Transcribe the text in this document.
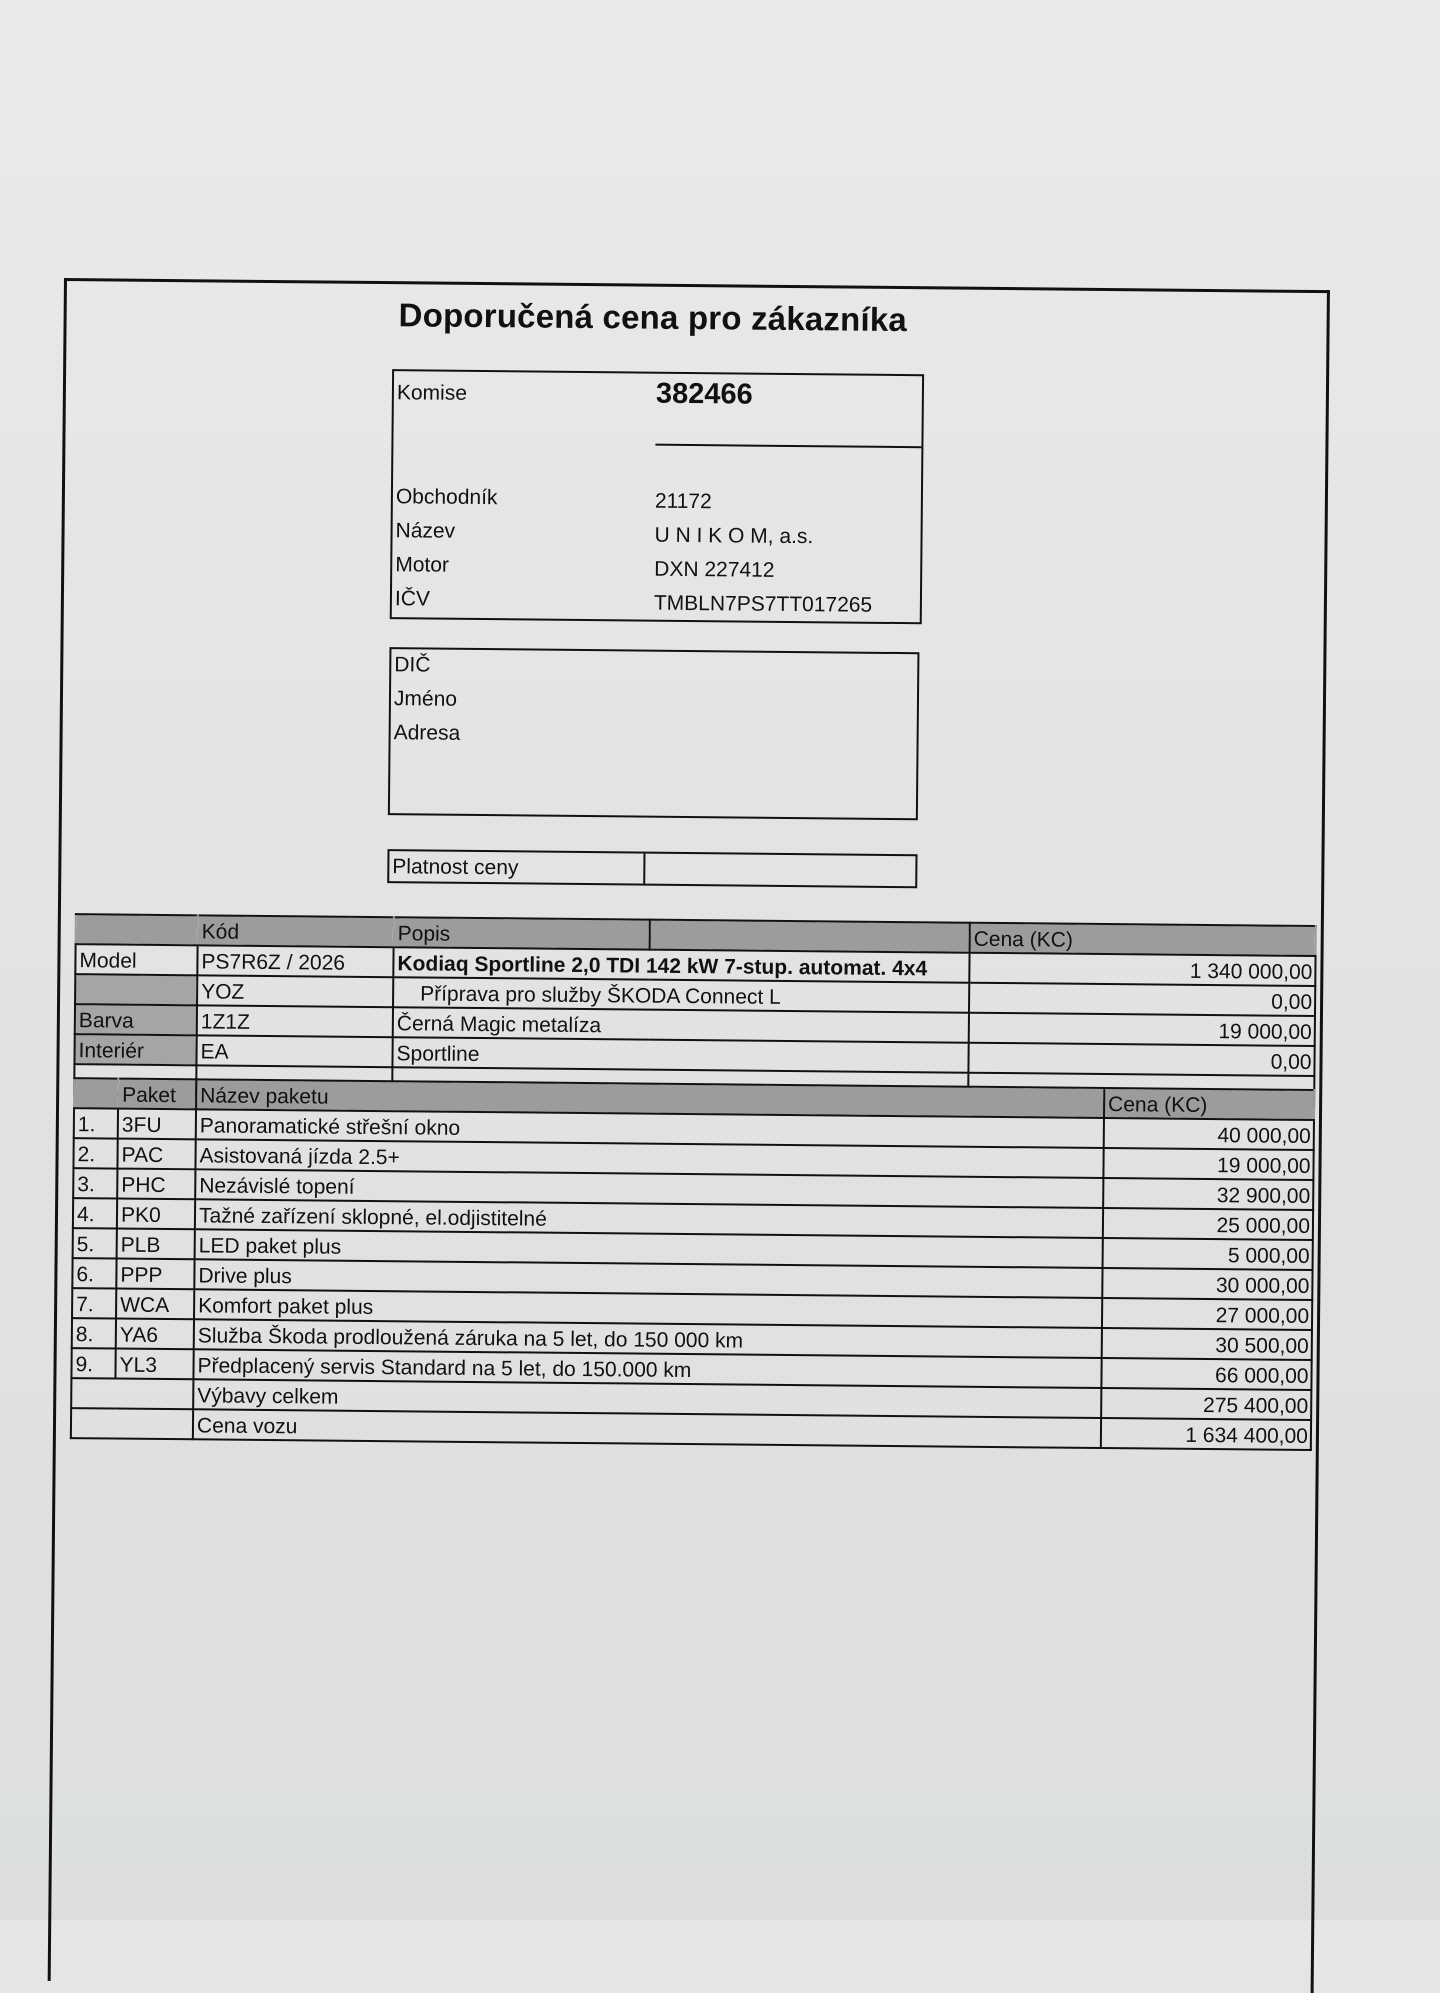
Doporučená cena pro zákazníka
Komise	382466
Obchodník	21172
Název	U N I K O M, a.s.
Motor	DXN 227412
IČV	TMBLN7PS7TT017265
DIČ
Jméno
Adresa
Platnost ceny
	Kód	Popis		Cena (KC)
Model	PS7R6Z / 2026	Kodiaq Sportline 2,0 TDI 142 kW 7-stup. automat. 4x4		1 340 000,00
	YOZ	Příprava pro služby ŠKODA Connect L		0,00
Barva	1Z1Z	Černá Magic metalíza		19 000,00
Interiér	EA	Sportline		0,00

	Paket	Název paketu	Cena (KC)
1.	3FU	Panoramatické střešní okno	40 000,00
2.	PAC	Asistovaná jízda 2.5+	19 000,00
3.	PHC	Nezávislé topení	32 900,00
4.	PK0	Tažné zařízení sklopné, el.odjistitelné	25 000,00
5.	PLB	LED paket plus	5 000,00
6.	PPP	Drive plus	30 000,00
7.	WCA	Komfort paket plus	27 000,00
8.	YA6	Služba Škoda prodloužená záruka na 5 let, do 150 000 km	30 500,00
9.	YL3	Předplacený servis Standard na 5 let, do 150.000 km	66 000,00
		Výbavy celkem	275 400,00
		Cena vozu	1 634 400,00
